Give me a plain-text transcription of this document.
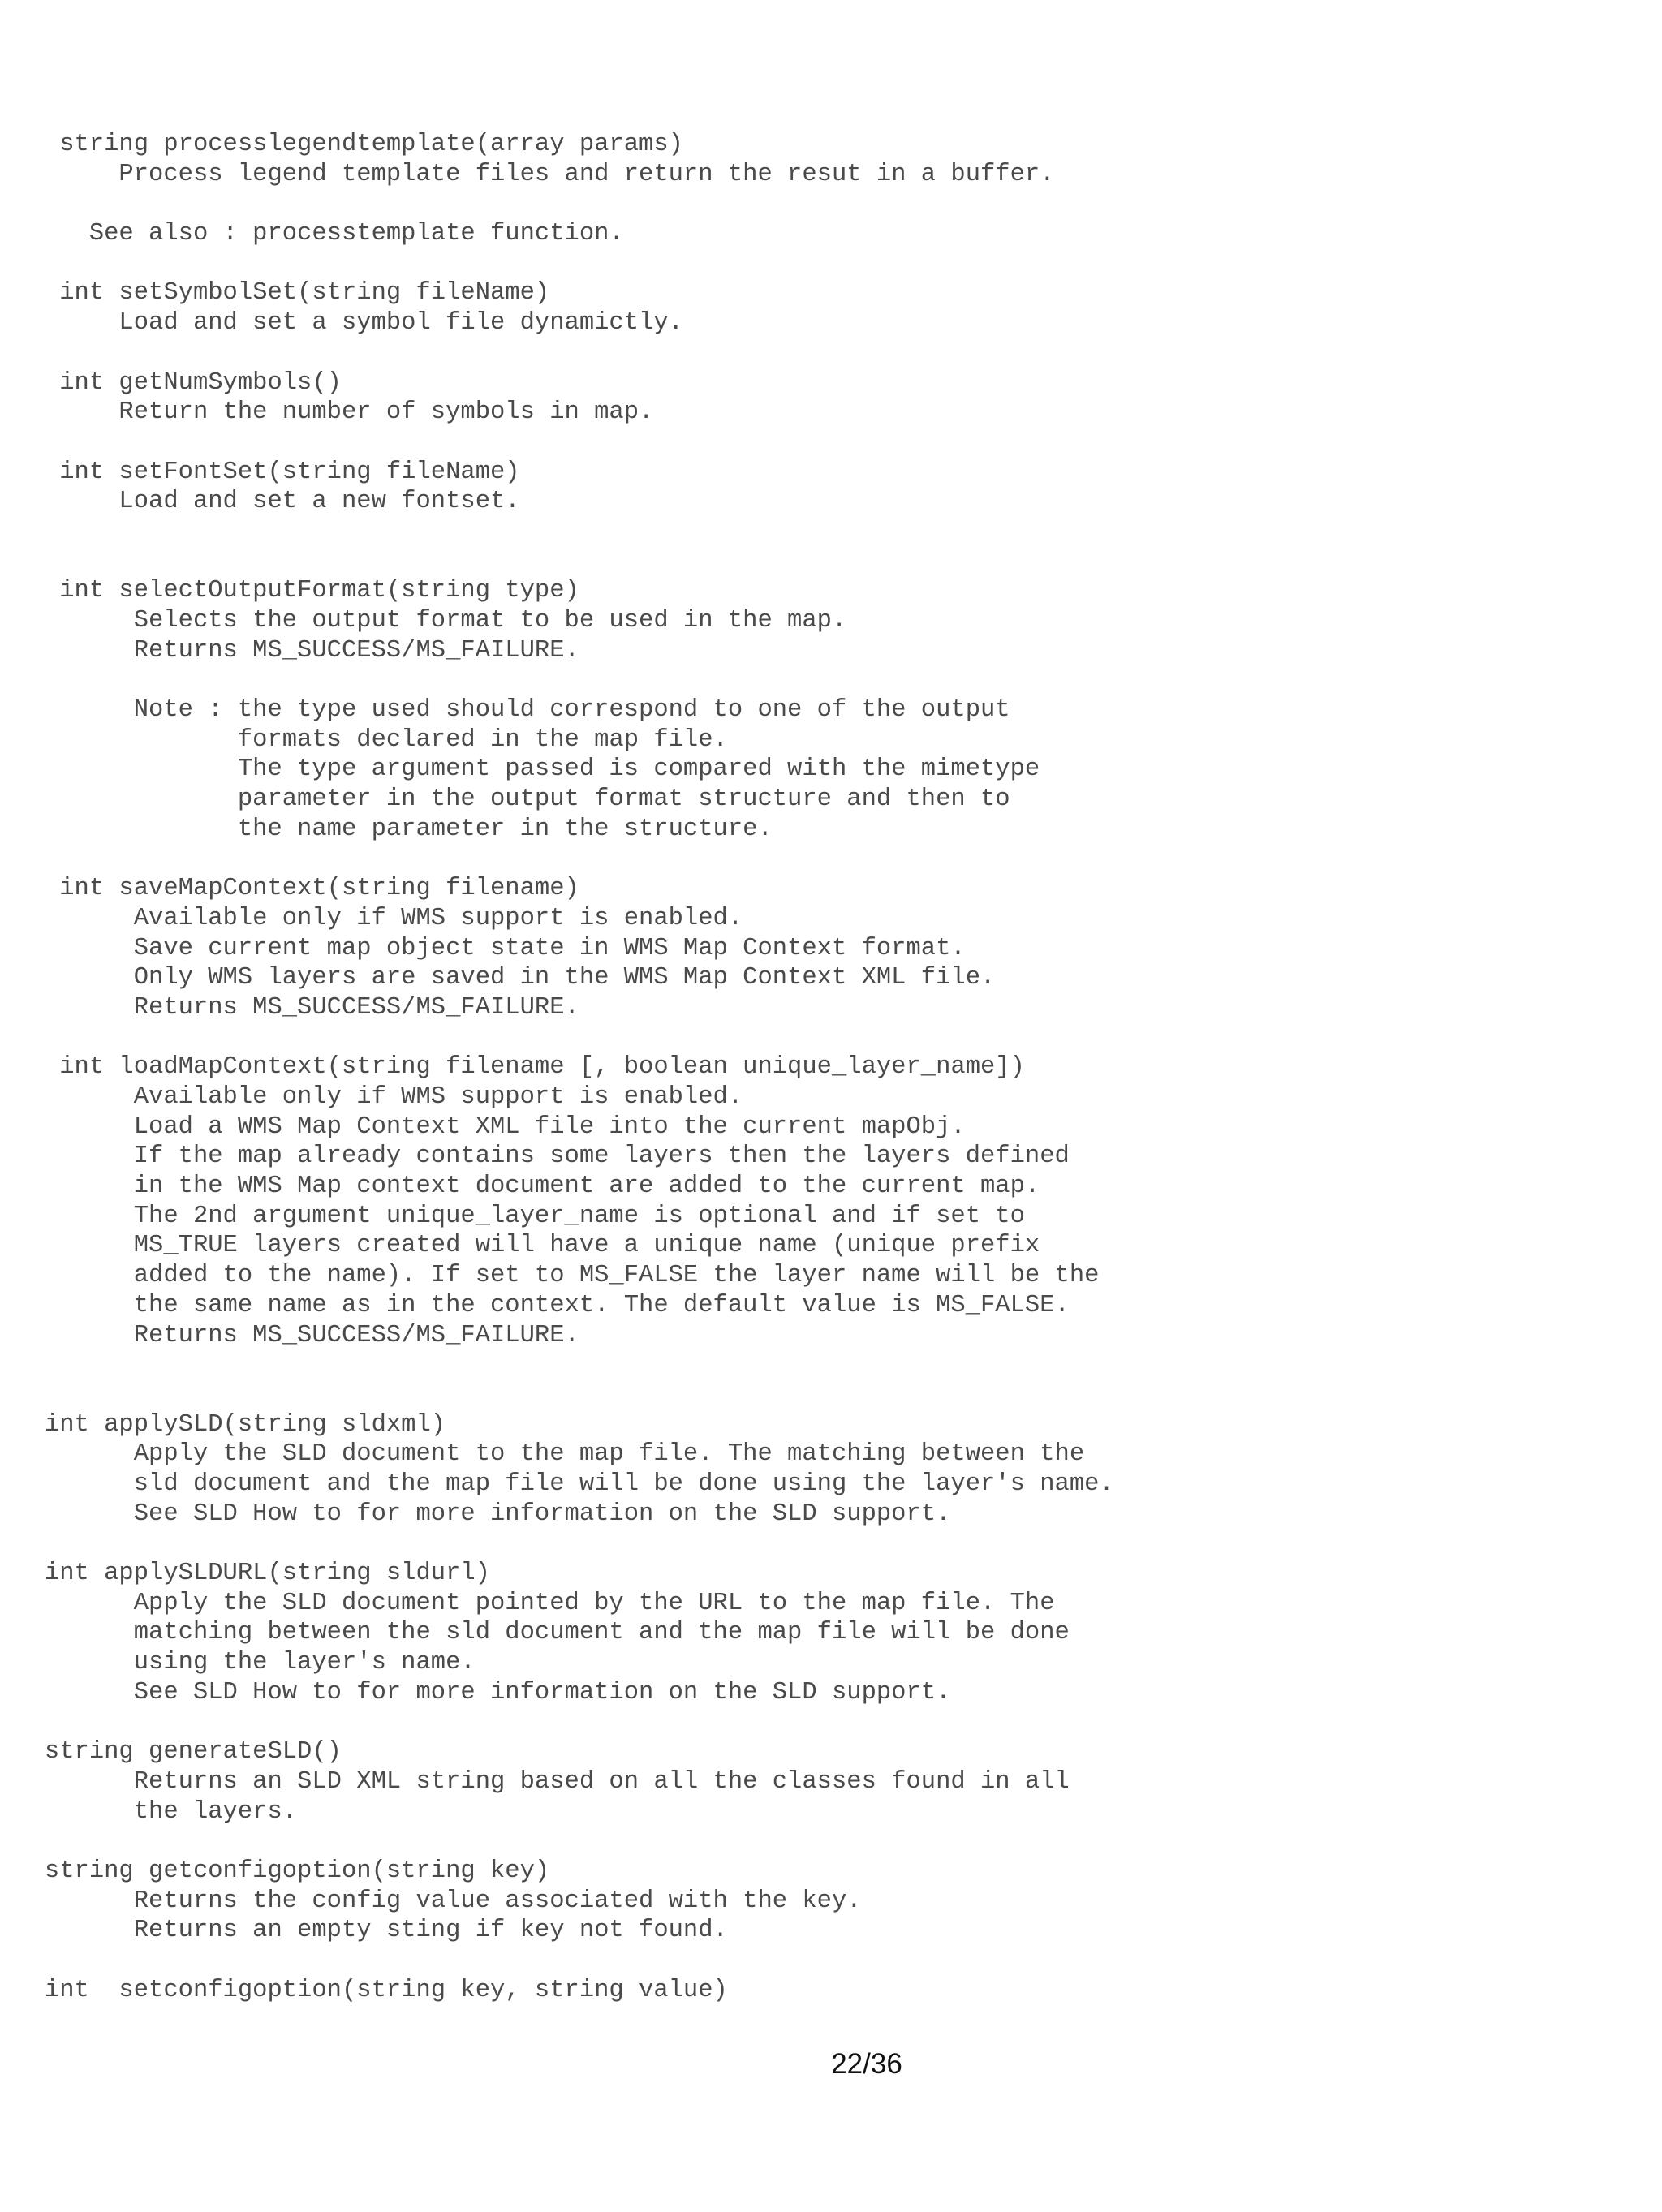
string processlegendtemplate(array params)
Process legend template files and return the resut in a buffer.
See also : processtemplate function.
int setSymbolSet(string fileName)
Load and set a symbol file dynamictly.
int getNumSymbols()
Return the number of symbols in map.
int setFontSet(string fileName)
Load and set a new fontset.
int selectOutputFormat(string type)
Selects the output format to be used in the map.
Returns MS_SUCCESS/MS_FAILURE.
Note : the type used should correspond to one of the output
formats declared in the map file.
The type argument passed is compared with the mimetype
parameter in the output format structure and then to
the name parameter in the structure.
int saveMapContext(string filename)
Available only if WMS support is enabled.
Save current map object state in WMS Map Context format.
Only WMS layers are saved in the WMS Map Context XML file.
Returns MS_SUCCESS/MS_FAILURE.
int loadMapContext(string filename [, boolean unique_layer_name])
Available only if WMS support is enabled.
Load a WMS Map Context XML file into the current mapObj.
If the map already contains some layers then the layers defined
in the WMS Map context document are added to the current map.
The 2nd argument unique_layer_name is optional and if set to
MS_TRUE layers created will have a unique name (unique prefix
added to the name). If set to MS_FALSE the layer name will be the
the same name as in the context. The default value is MS_FALSE.
Returns MS_SUCCESS/MS_FAILURE.
int applySLD(string sldxml)
Apply the SLD document to the map file. The matching between the
sld document and the map file will be done using the layer's name.
See SLD How to for more information on the SLD support.
int applySLDURL(string sldurl)
Apply the SLD document pointed by the URL to the map file. The
matching between the sld document and the map file will be done
using the layer's name.
See SLD How to for more information on the SLD support.
string generateSLD()
Returns an SLD XML string based on all the classes found in all
the layers.
string getconfigoption(string key)
Returns the config value associated with the key.
Returns an empty sting if key not found.
int  setconfigoption(string key, string value)
22/36
